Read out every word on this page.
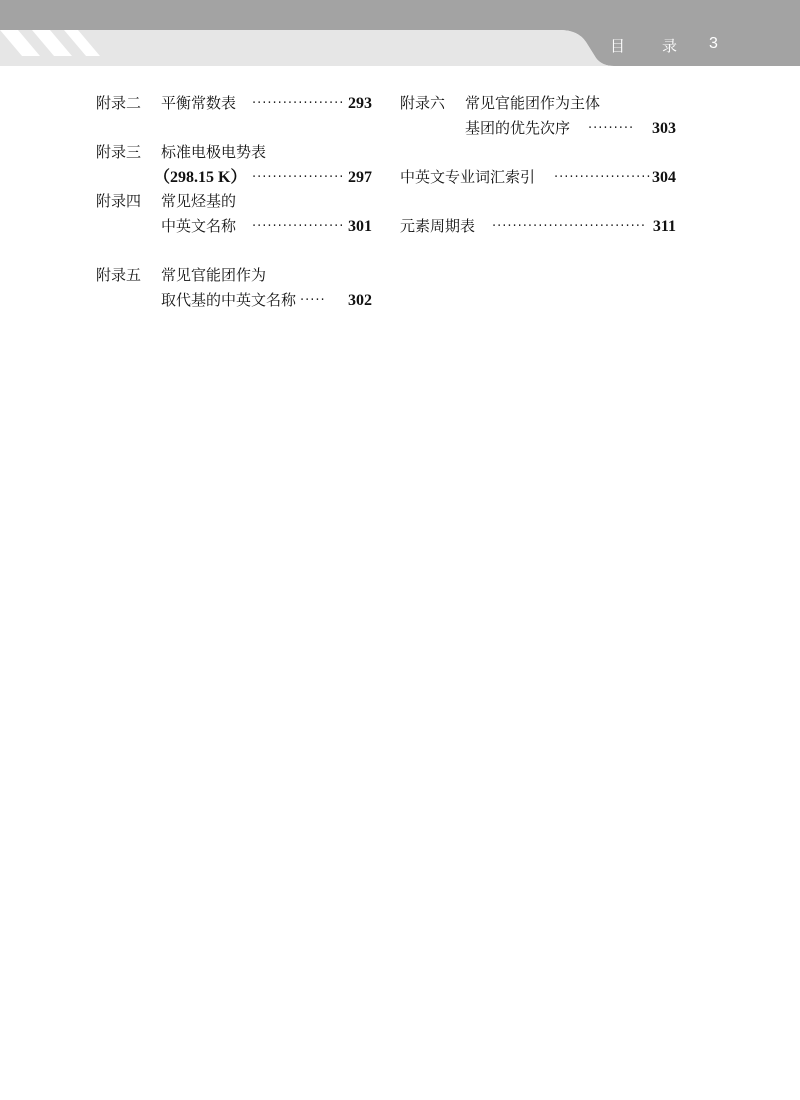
目 录 3
附录二 平衡常数表 ·················· 293
附录三 标准电极电势表
（298.15 K） ·················· 297
附录四 常见烃基的
中英文名称 ·················· 301
附录五 常见官能团作为
取代基的中英文名称 ·····	302
附录六 常见官能团作为主体
基团的优先次序 ·········	303
中英文专业词汇索引 ··················· 304
元素周期表 ······························ 311
